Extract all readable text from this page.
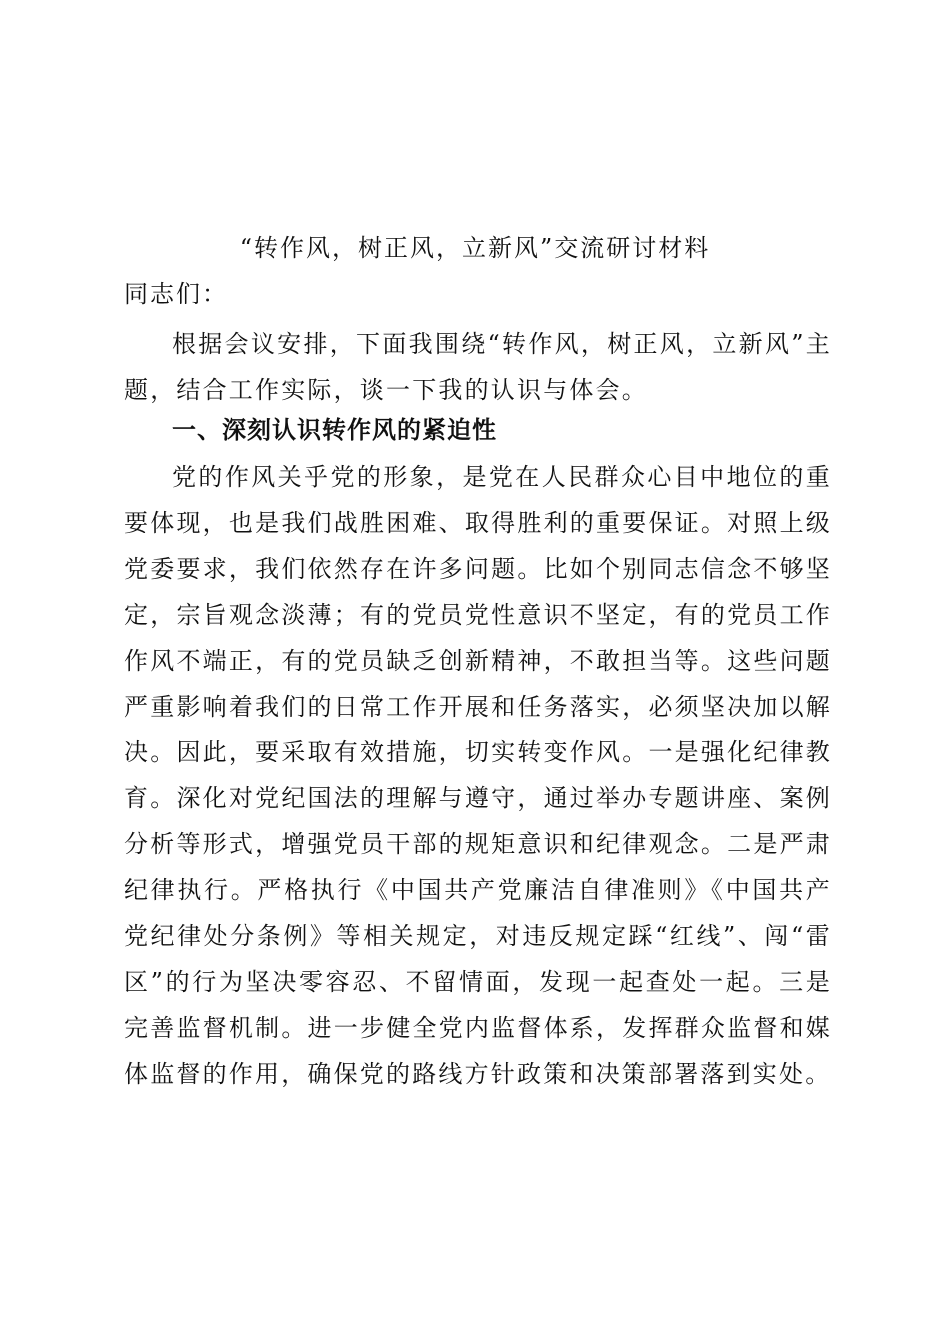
“转作风，树正风，立新风”交流研讨材料
同志们：

根据会议安排，下面我围绕“转作风，树正风，立新风”主题，结合工作实际，谈一下我的认识与体会。

一、深刻认识转作风的紧迫性

党的作风关乎党的形象，是党在人民群众心目中地位的重要体现，也是我们战胜困难、取得胜利的重要保证。对照上级党委要求，我们依然存在许多问题。比如个别同志信念不够坚定，宗旨观念淡薄；有的党员党性意识不坚定，有的党员工作作风不端正，有的党员缺乏创新精神，不敢担当等。这些问题严重影响着我们的日常工作开展和任务落实，必须坚决加以解决。因此，要采取有效措施，切实转变作风。一是强化纪律教育。深化对党纪国法的理解与遵守，通过举办专题讲座、案例分析等形式，增强党员干部的规矩意识和纪律观念。二是严肃纪律执行。严格执行《中国共产党廉洁自律准则》《中国共产党纪律处分条例》等相关规定，对违反规定踩“红线”、闯“雷区”的行为坚决零容忍、不留情面，发现一起查处一起。三是完善监督机制。进一步健全党内监督体系，发挥群众监督和媒体监督的作用，确保党的路线方针政策和决策部署落到实处。
